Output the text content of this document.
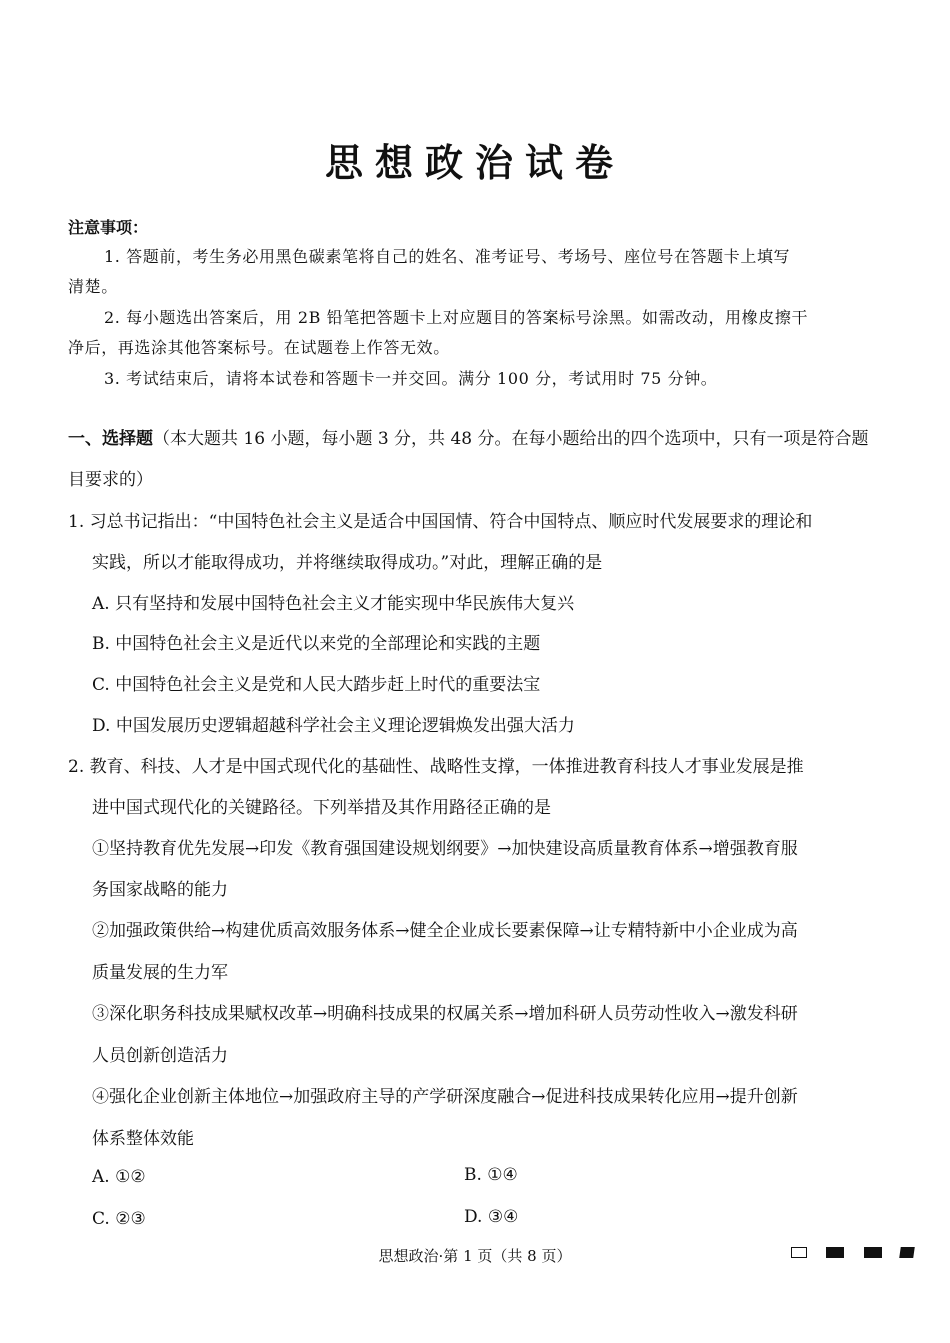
思想政治试卷
注意事项：
1. 答题前，考生务必用黑色碳素笔将自己的姓名、准考证号、考场号、座位号在答题卡上填写
清楚。
2. 每小题选出答案后，用 2B 铅笔把答题卡上对应题目的答案标号涂黑。如需改动，用橡皮擦干
净后，再选涂其他答案标号。在试题卷上作答无效。
3. 考试结束后，请将本试卷和答题卡一并交回。满分 100 分，考试用时 75 分钟。
一、选择题（本大题共 16 小题，每小题 3 分，共 48 分。在每小题给出的四个选项中，只有一项是符合题
目要求的）
1. 习总书记指出：“中国特色社会主义是适合中国国情、符合中国特点、顺应时代发展要求的理论和
实践，所以才能取得成功，并将继续取得成功。”对此，理解正确的是
A. 只有坚持和发展中国特色社会主义才能实现中华民族伟大复兴
B. 中国特色社会主义是近代以来党的全部理论和实践的主题
C. 中国特色社会主义是党和人民大踏步赶上时代的重要法宝
D. 中国发展历史逻辑超越科学社会主义理论逻辑焕发出强大活力
2. 教育、科技、人才是中国式现代化的基础性、战略性支撑，一体推进教育科技人才事业发展是推
进中国式现代化的关键路径。下列举措及其作用路径正确的是
①坚持教育优先发展→印发《教育强国建设规划纲要》→加快建设高质量教育体系→增强教育服
务国家战略的能力
②加强政策供给→构建优质高效服务体系→健全企业成长要素保障→让专精特新中小企业成为高
质量发展的生力军
③深化职务科技成果赋权改革→明确科技成果的权属关系→增加科研人员劳动性收入→激发科研
人员创新创造活力
④强化企业创新主体地位→加强政府主导的产学研深度融合→促进科技成果转化应用→提升创新
体系整体效能
A. ①②	B. ①④
C. ②③	D. ③④
思想政治·第 1 页（共 8 页）
